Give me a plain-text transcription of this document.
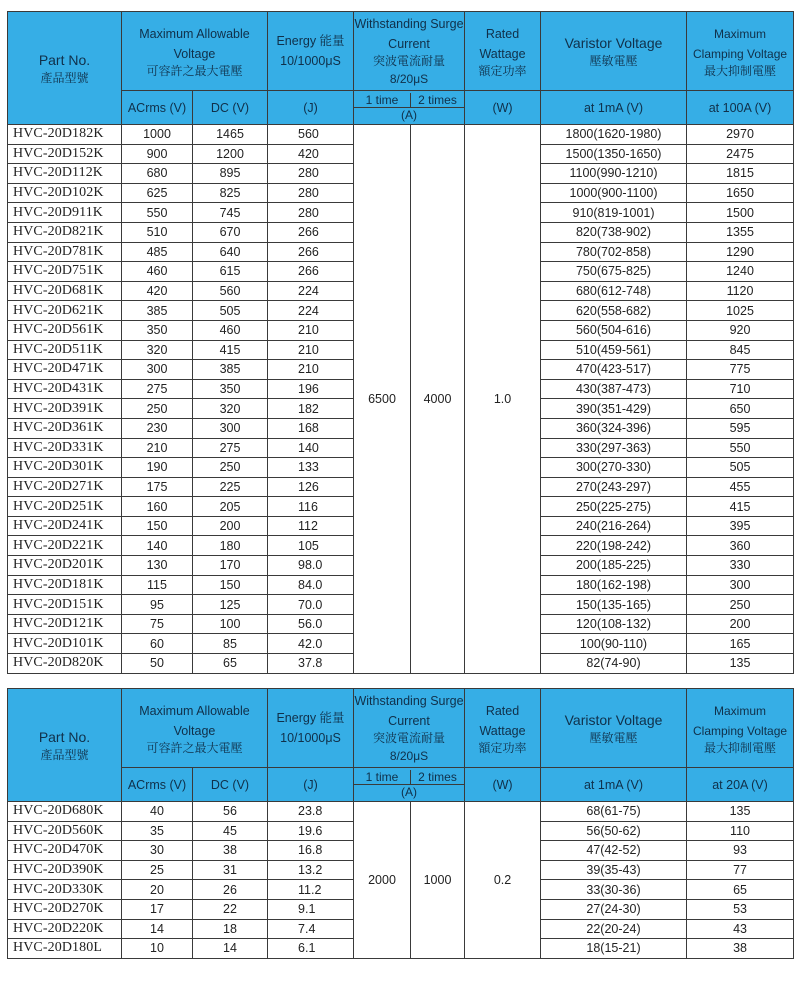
Part No.

產品型號	Maximum Allowable Voltage

可容許之最大電壓		Energy 能量
10/1000μS	Withstanding Surge Current

突波電流耐量
8/20μS		Rated Wattage

額定功率	Varistor Voltage

壓敏電壓	Maximum Clamping Voltage

最大抑制電壓

	ACrms (V)	DC (V)	(J)	1 time 2 times
(A)		(W)	at 1mA (V)	at 100A (V)
HVC-20D182K	1000	1465	560	6500	4000	1.0	1800(1620-1980)	2970
HVC-20D152K	900	1200	420				1500(1350-1650)	2475
HVC-20D112K	680	895	280				1100(990-1210)	1815
HVC-20D102K	625	825	280				1000(900-1100)	1650
HVC-20D911K	550	745	280				910(819-1001)	1500
HVC-20D821K	510	670	266				820(738-902)	1355
HVC-20D781K	485	640	266				780(702-858)	1290
HVC-20D751K	460	615	266				750(675-825)	1240
HVC-20D681K	420	560	224				680(612-748)	1120
HVC-20D621K	385	505	224				620(558-682)	1025
HVC-20D561K	350	460	210				560(504-616)	920
HVC-20D511K	320	415	210				510(459-561)	845
HVC-20D471K	300	385	210				470(423-517)	775
HVC-20D431K	275	350	196				430(387-473)	710
HVC-20D391K	250	320	182				390(351-429)	650
HVC-20D361K	230	300	168				360(324-396)	595
HVC-20D331K	210	275	140				330(297-363)	550
HVC-20D301K	190	250	133				300(270-330)	505
HVC-20D271K	175	225	126				270(243-297)	455
HVC-20D251K	160	205	116				250(225-275)	415
HVC-20D241K	150	200	112				240(216-264)	395
HVC-20D221K	140	180	105				220(198-242)	360
HVC-20D201K	130	170	98.0				200(185-225)	330
HVC-20D181K	115	150	84.0				180(162-198)	300
HVC-20D151K	95	125	70.0				150(135-165)	250
HVC-20D121K	75	100	56.0				120(108-132)	200
HVC-20D101K	60	85	42.0				100(90-110)	165
HVC-20D820K	50	65	37.8				82(74-90)	135
Part No.

產品型號	Maximum Allowable Voltage

可容許之最大電壓		Energy 能量
10/1000μS	Withstanding Surge Current

突波電流耐量
8/20μS		Rated Wattage

額定功率	Varistor Voltage

壓敏電壓	Maximum Clamping Voltage

最大抑制電壓

	ACrms (V)	DC (V)	(J)	1 time 2 times
(A)		(W)	at 1mA (V)	at 20A (V)
HVC-20D680K	40	56	23.8	2000	1000	0.2	68(61-75)	135
HVC-20D560K	35	45	19.6				56(50-62)	110
HVC-20D470K	30	38	16.8				47(42-52)	93
HVC-20D390K	25	31	13.2				39(35-43)	77
HVC-20D330K	20	26	11.2				33(30-36)	65
HVC-20D270K	17	22	9.1				27(24-30)	53
HVC-20D220K	14	18	7.4				22(20-24)	43
HVC-20D180L	10	14	6.1				18(15-21)	38
